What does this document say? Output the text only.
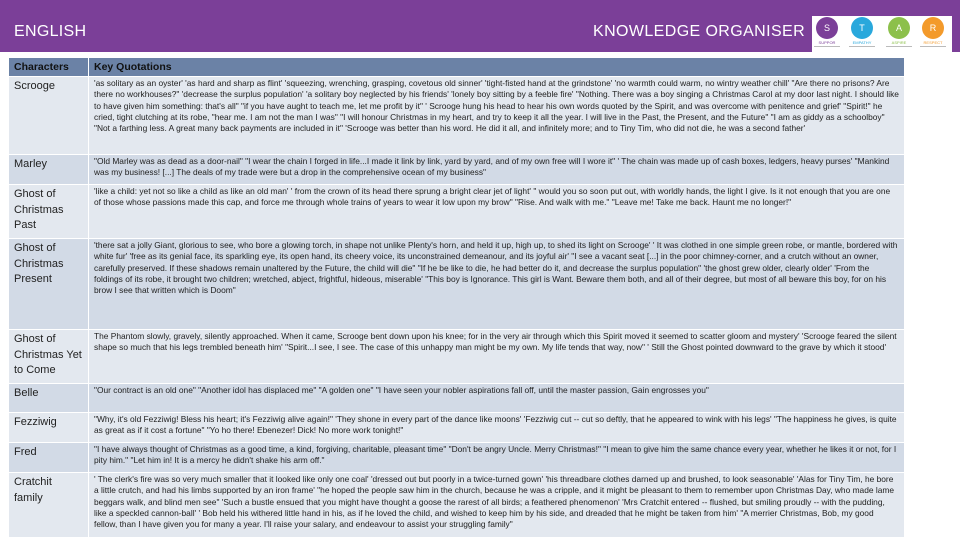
ENGLISH	KNOWLEDGE ORGANISER	S
SUPPOR
T
EMPATHY
A
ASPIRE
R
RESPECT
Characters	Key Quotations
Scrooge	'as solitary as an oyster' 'as hard and sharp as flint' 'squeezing, wrenching, grasping, covetous old sinner' 'tight-fisted hand at the grindstone' 'no warmth could warm, no wintry weather chill' "Are there no prisons? Are there no workhouses?" 'decrease the surplus population' 'a solitary boy neglected by his friends' 'lonely boy sitting by a feeble fire' "Nothing. There was a boy singing a Christmas Carol at my door last night. I should like to have given him something: that's all" "if you have aught to teach me, let me profit by it" ' Scrooge hung his head to hear his own words quoted by the Spirit, and was overcome with penitence and grief' "Spirit!" he cried, tight clutching at its robe, "hear me. I am not the man I was" "I will honour Christmas in my heart, and try to keep it all the year. I will live in the Past, the Present, and the Future" "I am as giddy as a schoolboy" "Not a farthing less. A great many back payments are included in it" 'Scrooge was better than his word. He did it all, and infinitely more; and to Tiny Tim, who did not die, he was a second father'
Marley	"Old Marley was as dead as a door-nail" "I wear the chain I forged in life...I made it link by link, yard by yard, and of my own free will I wore it" ' The chain was made up of cash boxes, ledgers, heavy purses' "Mankind was my business! [...] The deals of my trade were but a drop in the comprehensive ocean of my business"
Ghost of Christmas Past	'like a child: yet not so like a child as like an old man' ' from the crown of its head there sprung a bright clear jet of light' " would you so soon put out, with worldly hands, the light I give. Is it not enough that you are one of those whose passions made this cap, and force me through whole trains of years to wear it low upon my brow" "Rise. And walk with me." "Leave me! Take me back. Haunt me no longer!"
Ghost of Christmas Present	'there sat a jolly Giant, glorious to see, who bore a glowing torch, in shape not unlike Plenty's horn, and held it up, high up, to shed its light on Scrooge' ' It was clothed in one simple green robe, or mantle, bordered with white fur' 'free as its genial face, its sparkling eye, its open hand, its cheery voice, its unconstrained demeanour, and its joyful air' "I see a vacant seat [...] in the poor chimney-corner, and a crutch without an owner, carefully preserved. If these shadows remain unaltered by the Future, the child will die" "If he be like to die, he had better do it, and decrease the surplus population" 'the ghost grew older, clearly older' 'From the foldings of its robe, it brought two children; wretched, abject, frightful, hideous, miserable' "This boy is Ignorance. This girl is Want. Beware them both, and all of their degree, but most of all beware this boy, for on his brow I see that written which is Doom"
Ghost of Christmas Yet to Come	The Phantom slowly, gravely, silently approached. When it came, Scrooge bent down upon his knee; for in the very air through which this Spirit moved it seemed to scatter gloom and mystery' 'Scrooge feared the silent shape so much that his legs trembled beneath him' "Spirit...I see, I see. The case of this unhappy man might be my own. My life tends that way, now" ' Still the Ghost pointed downward to the grave by which it stood'
Belle	"Our contract is an old one" "Another idol has displaced me" "A golden one" "I have seen your nobler aspirations fall off, until the master passion, Gain engrosses you"
Fezziwig	"Why, it's old Fezziwig! Bless his heart; it's Fezziwig alive again!" 'They shone in every part of the dance like moons' 'Fezziwig cut -- cut so deftly, that he appeared to wink with his legs' "The happiness he gives, is quite as great as if it cost a fortune" "Yo ho there! Ebenezer! Dick! No more work tonight!"
Fred	"I have always thought of Christmas as a good time, a kind, forgiving, charitable, pleasant time" "Don't be angry Uncle. Merry Christmas!" "I mean to give him the same chance every year, whether he likes it or not, for I pity him." "Let him in! It is a mercy he didn't shake his arm off."
Cratchit family	' The clerk's fire was so very much smaller that it looked like only one coal' 'dressed out but poorly in a twice-turned gown' 'his threadbare clothes darned up and brushed, to look seasonable' 'Alas for Tiny Tim, he bore a little crutch, and had his limbs supported by an iron frame' "he hoped the people saw him in the church, because he was a cripple, and it might be pleasant to them to remember upon Christmas Day, who made lame beggars walk, and blind men see" 'Such a bustle ensued that you might have thought a goose the rarest of all birds; a feathered phenomenon' 'Mrs Cratchit entered -- flushed, but smiling proudly -- with the pudding, like a speckled cannon-ball' ' Bob held his withered little hand in his, as if he loved the child, and wished to keep him by his side, and dreaded that he might be taken from him' "A merrier Christmas, Bob, my good fellow, than I have given you for many a year. I'll raise your salary, and endeavour to assist your struggling family"
